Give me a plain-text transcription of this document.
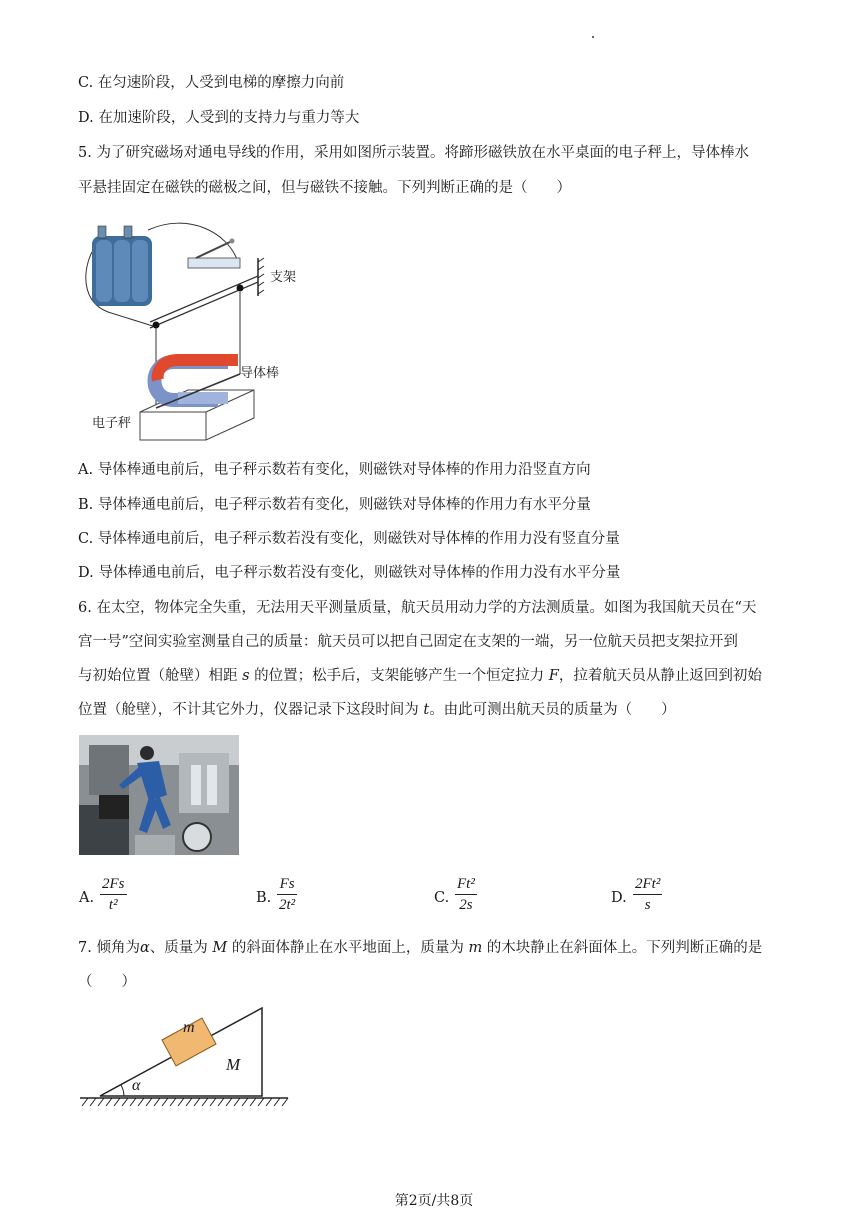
C. 在匀速阶段，人受到电梯的摩擦力向前
D. 在加速阶段，人受到的支持力与重力等大
5. 为了研究磁场对通电导线的作用，采用如图所示装置。将蹄形磁铁放在水平桌面的电子秤上，导体棒水
平悬挂固定在磁铁的磁极之间，但与磁铁不接触。下列判断正确的是（　　）
支架
导体棒
电子秤
A. 导体棒通电前后，电子秤示数若有变化，则磁铁对导体棒的作用力沿竖直方向
B. 导体棒通电前后，电子秤示数若有变化，则磁铁对导体棒的作用力有水平分量
C. 导体棒通电前后，电子秤示数若没有变化，则磁铁对导体棒的作用力没有竖直分量
D. 导体棒通电前后，电子秤示数若没有变化，则磁铁对导体棒的作用力没有水平分量
6. 在太空，物体完全失重，无法用天平测量质量，航天员用动力学的方法测质量。如图为我国航天员在“天
宫一号”空间实验室测量自己的质量：航天员可以把自己固定在支架的一端，另一位航天员把支架拉开到
与初始位置（舱壁）相距 s 的位置；松手后，支架能够产生一个恒定拉力 F，拉着航天员从静止返回到初始
位置（舱壁），不计其它外力，仪器记录下这段时间为 t。由此可测出航天员的质量为（　　）
A.
2Fs
t²	B.
Fs
2t²	C.
Ft²
2s	D.
2Ft²
s
7. 倾角为α、质量为 M 的斜面体静止在水平地面上，质量为 m 的木块静止在斜面体上。下列判断正确的是
（　　）
m
M
α
第2页/共8页
